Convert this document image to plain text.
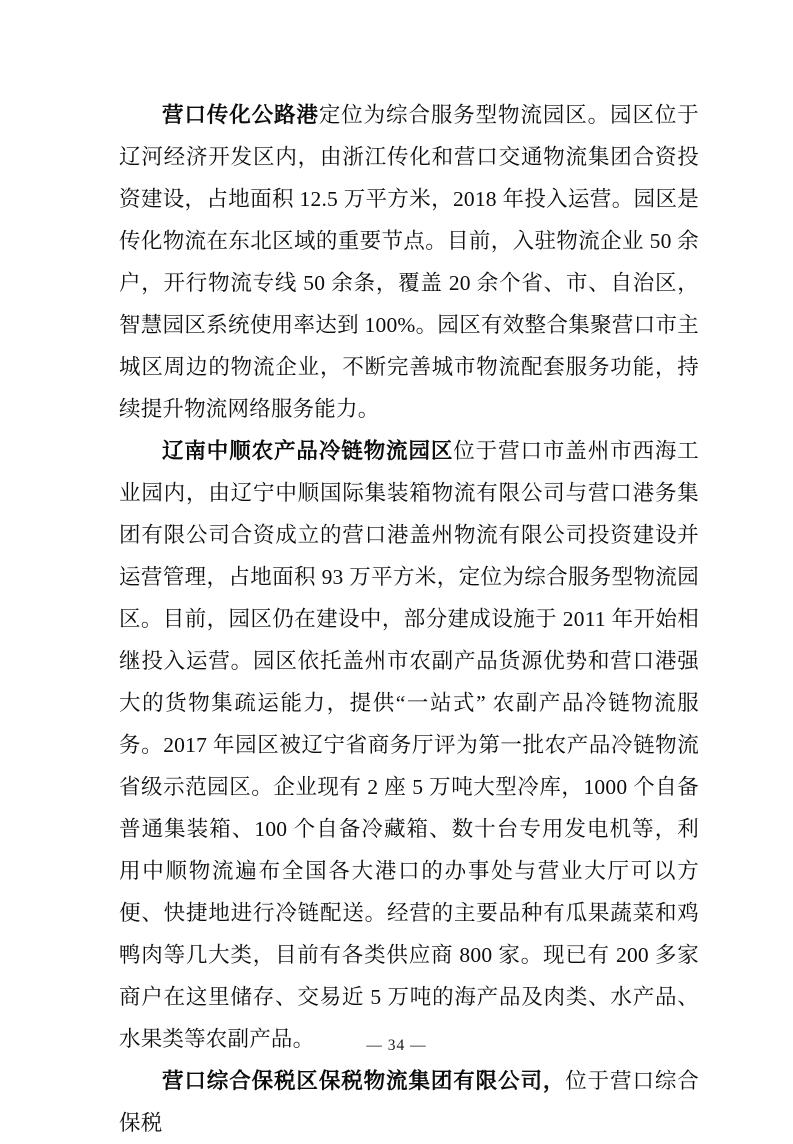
营口传化公路港定位为综合服务型物流园区。园区位于辽河经济开发区内，由浙江传化和营口交通物流集团合资投资建设，占地面积 12.5 万平方米，2018 年投入运营。园区是传化物流在东北区域的重要节点。目前，入驻物流企业 50 余户，开行物流专线 50 余条，覆盖 20 余个省、市、自治区，智慧园区系统使用率达到 100%。园区有效整合集聚营口市主城区周边的物流企业，不断完善城市物流配套服务功能，持续提升物流网络服务能力。

辽南中顺农产品冷链物流园区位于营口市盖州市西海工业园内，由辽宁中顺国际集装箱物流有限公司与营口港务集团有限公司合资成立的营口港盖州物流有限公司投资建设并运营管理，占地面积 93 万平方米，定位为综合服务型物流园区。目前，园区仍在建设中，部分建成设施于 2011 年开始相继投入运营。园区依托盖州市农副产品货源优势和营口港强大的货物集疏运能力，提供“一站式” 农副产品冷链物流服务。2017 年园区被辽宁省商务厅评为第一批农产品冷链物流省级示范园区。企业现有 2 座 5 万吨大型冷库，1000 个自备普通集装箱、100 个自备冷藏箱、数十台专用发电机等，利用中顺物流遍布全国各大港口的办事处与营业大厅可以方便、快捷地进行冷链配送。经营的主要品种有瓜果蔬菜和鸡鸭肉等几大类，目前有各类供应商 800 家。现已有 200 多家商户在这里储存、交易近 5 万吨的海产品及肉类、水产品、水果类等农副产品。

营口综合保税区保税物流集团有限公司，位于营口综合保税

— 34 —
